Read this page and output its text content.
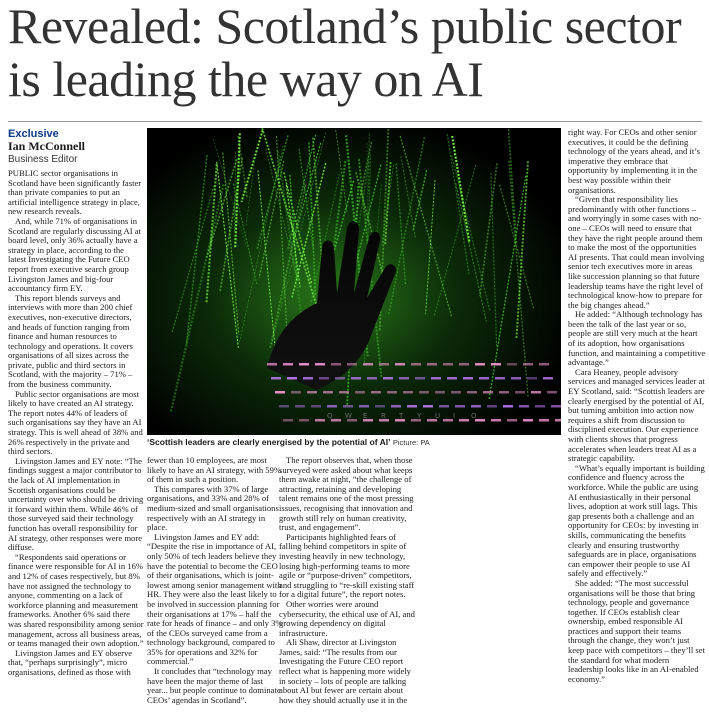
Revealed: Scotland’s public sector is leading the way on AI
Exclusive
Ian McConnell
Business Editor

PUBLIC sector organisations in Scotland have been significantly faster than private companies to put an artificial intelligence strategy in place, new research reveals.

And, while 71% of organisations in Scotland are regularly discussing AI at board level, only 36% actually have a strategy in place, according to the latest Investigating the Future CEO report from executive search group Livingston James and big-four accountancy firm EY.

This report blends surveys and interviews with more than 200 chief executives, non-executive directors, and heads of function ranging from finance and human resources to technology and operations. It covers organisations of all sizes across the private, public and third sectors in Scotland, with the majority – 71% – from the business community.

Public sector organisations are most likely to have created an AI strategy. The report notes 44% of leaders of such organisations say they have an AI strategy. This is well ahead of 38% and 26% respectively in the private and third sectors.

Livingston James and EY note: “The findings suggest a major contributor to the lack of AI implementation in Scottish organisations could be uncertainty over who should be driving it forward within them. While 46% of those surveyed said their technology function has overall responsibility for AI strategy, other responses were more diffuse.

“Respondents said operations or finance were responsible for AI in 16% and 12% of cases respectively, but 8% have not assigned the technology to anyone, commenting on a lack of workforce planning and measurement frameworks. Another 6% said there was shared responsibility among senior management, across all business areas, or teams managed their own adoption.”

Livingston James and EY observe that, “perhaps surprisingly”, micro organisations, defined as those with

Q W E R T Y U I O
‘Scottish leaders are clearly energised by the potential of AI’ Picture: PA

fewer than 10 employees, are most likely to have an AI strategy, with 59% of them in such a position.

This compares with 37% of large organisations, and 33% and 28% of medium-sized and small organisations respectively with an AI strategy in place.

Livingston James and EY add: “Despite the rise in importance of AI, only 50% of tech leaders believe they have the potential to become the CEO of their organisations, which is joint-lowest among senior management with HR. They were also the least likely to be involved in succession planning for their organisations at 17% – half the rate for heads of finance – and only 3% of the CEOs surveyed came from a technology background, compared to 35% for operations and 32% for commercial.”

It concludes that “technology may have been the major theme of last year... but people continue to dominate CEOs’ agendas in Scotland”.

The report observes that, when those surveyed were asked about what keeps them awake at night, “the challenge of attracting, retaining and developing talent remains one of the most pressing issues, recognising that innovation and growth still rely on human creativity, trust, and engagement”.

Participants highlighted fears of falling behind competitors in spite of investing heavily in new technology, losing high-performing teams to more agile or “purpose-driven” competitors, and struggling to “re-skill existing staff for a digital future”, the report notes.

Other worries were around cybersecurity, the ethical use of AI, and growing dependency on digital infrastructure.

Ali Shaw, director at Livingston James, said: “The results from our Investigating the Future CEO report reflect what is happening more widely in society – lots of people are talking about AI but fewer are certain about how they should actually use it in the

right way. For CEOs and other senior executives, it could be the defining technology of the years ahead, and it’s imperative they embrace that opportunity by implementing it in the best way possible within their organisations.

“Given that responsibility lies predominantly with other functions – and worryingly in some cases with no-one – CEOs will need to ensure that they have the right people around them to make the most of the opportunities AI presents. That could mean involving senior tech executives more in areas like succession planning so that future leadership teams have the right level of technological know-how to prepare for the big changes ahead.”

He added: “Although technology has been the talk of the last year or so, people are still very much at the heart of its adoption, how organisations function, and maintaining a competitive advantage.”

Cara Heaney, people advisory services and managed services leader at EY Scotland, said: “Scottish leaders are clearly energised by the potential of AI, but turning ambition into action now requires a shift from discussion to disciplined execution. Our experience with clients shows that progress accelerates when leaders treat AI as a strategic capability.

“What’s equally important is building confidence and fluency across the workforce. While the public are using AI enthusiastically in their personal lives, adoption at work still lags. This gap presents both a challenge and an opportunity for CEOs: by investing in skills, communicating the benefits clearly and ensuring trustworthy safeguards are in place, organisations can empower their people to use AI safely and effectively.”

She added: “The most successful organisations will be those that bring technology, people and governance together. If CEOs establish clear ownership, embed responsible AI practices and support their teams through the change, they won’t just keep pace with competitors – they’ll set the standard for what modern leadership looks like in an AI-enabled economy.”
